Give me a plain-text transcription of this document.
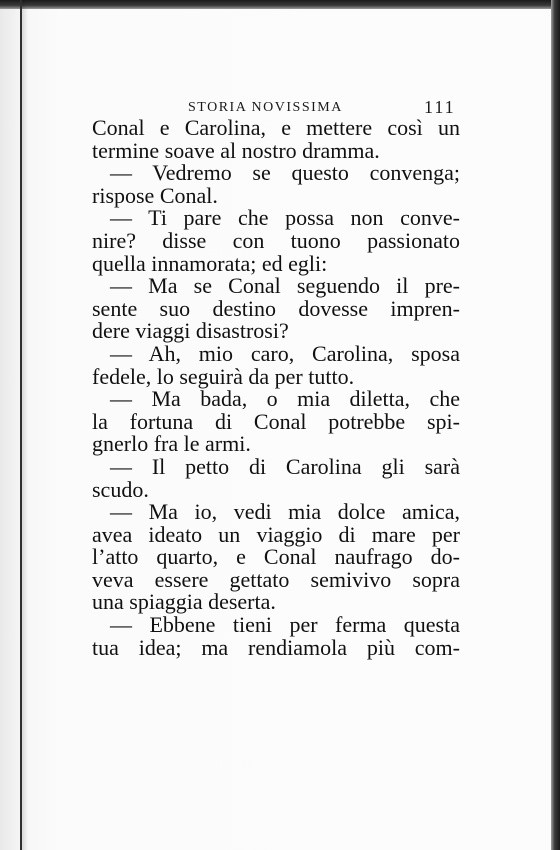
STORIA NOVISSIMA	111
Conal e Carolina, e mettere così un
termine soave al nostro dramma.
— Vedremo se questo convenga;
rispose Conal.
— Ti pare che possa non conve-
nire? disse con tuono passionato
quella innamorata; ed egli:
— Ma se Conal seguendo il pre-
sente suo destino dovesse impren-
dere viaggi disastrosi?
— Ah, mio caro, Carolina, sposa
fedele, lo seguirà da per tutto.
— Ma bada, o mia diletta, che
la fortuna di Conal potrebbe spi-
gnerlo fra le armi.
— Il petto di Carolina gli sarà
scudo.
— Ma io, vedi mia dolce amica,
avea ideato un viaggio di mare per
l’atto quarto, e Conal naufrago do-
veva essere gettato semivivo sopra
una spiaggia deserta.
— Ebbene tieni per ferma questa
tua idea; ma rendiamola più com-
